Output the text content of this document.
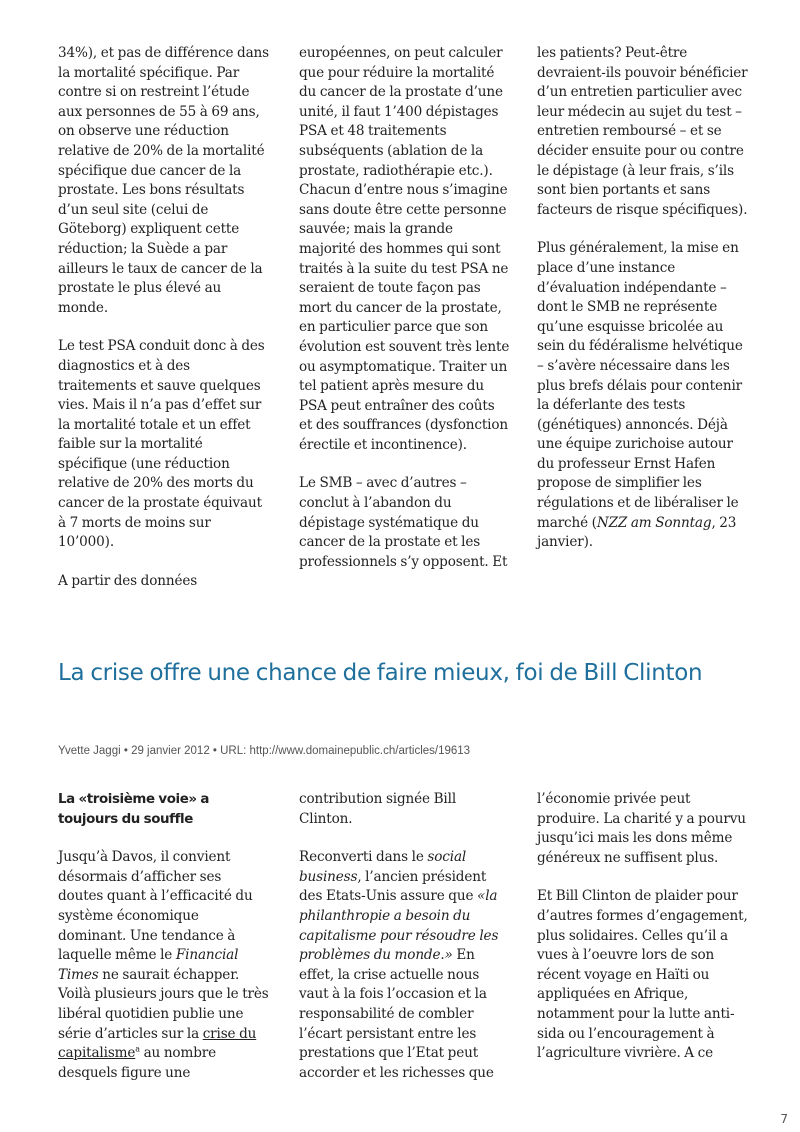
34%), et pas de différence dans la mortalité spécifique. Par contre si on restreint l’étude aux personnes de 55 à 69 ans, on observe une réduction relative de 20% de la mortalité spécifique due cancer de la prostate. Les bons résultats d’un seul site (celui de Göteborg) expliquent cette réduction; la Suède a par ailleurs le taux de cancer de la prostate le plus élevé au monde.

Le test PSA conduit donc à des diagnostics et à des traitements et sauve quelques vies. Mais il n’a pas d’effet sur la mortalité totale et un effet faible sur la mortalité spécifique (une réduction relative de 20% des morts du cancer de la prostate équivaut à 7 morts de moins sur 10’000).

A partir des données

européennes, on peut calculer que pour réduire la mortalité du cancer de la prostate d’une unité, il faut 1’400 dépistages PSA et 48 traitements subséquents (ablation de la prostate, radiothérapie etc.). Chacun d’entre nous s’imagine sans doute être cette personne sauvée; mais la grande majorité des hommes qui sont traités à la suite du test PSA ne seraient de toute façon pas mort du cancer de la prostate, en particulier parce que son évolution est souvent très lente ou asymptomatique. Traiter un tel patient après mesure du PSA peut entraîner des coûts et des souffrances (dysfonction érectile et incontinence).

Le SMB – avec d’autres – conclut à l’abandon du dépistage systématique du cancer de la prostate et les professionnels s’y opposent. Et

les patients? Peut-être devraient-ils pouvoir bénéficier d’un entretien particulier avec leur médecin au sujet du test – entretien remboursé – et se décider ensuite pour ou contre le dépistage (à leur frais, s’ils sont bien portants et sans facteurs de risque spécifiques).

Plus généralement, la mise en place d’une instance d’évaluation indépendante – dont le SMB ne représente qu’une esquisse bricolée au sein du fédéralisme helvétique – s’avère nécessaire dans les plus brefs délais pour contenir la déferlante des tests (génétiques) annoncés. Déjà une équipe zurichoise autour du professeur Ernst Hafen propose de simplifier les régulations et de libéraliser le marché (NZZ am Sonntag, 23 janvier).

La crise offre une chance de faire mieux, foi de Bill Clinton
Yvette Jaggi • 29 janvier 2012 • URL: http://www.domainepublic.ch/articles/19613

La «troisième voie» a toujours du souffle

Jusqu’à Davos, il convient désormais d’afficher ses doutes quant à l’efficacité du système économique dominant. Une tendance à laquelle même le Financial Times ne saurait échapper. Voilà plusieurs jours que le très libéral quotidien publie une série d’articles sur la crise du capitalisme$^a$ au nombre desquels figure une

contribution signée Bill Clinton.

Reconverti dans le social business, l’ancien président des Etats-Unis assure que «la philanthropie a besoin du capitalisme pour résoudre les problèmes du monde.» En effet, la crise actuelle nous vaut à la fois l’occasion et la responsabilité de combler l’écart persistant entre les prestations que l’Etat peut accorder et les richesses que

l’économie privée peut produire. La charité y a pourvu jusqu’ici mais les dons même généreux ne suffisent plus.

Et Bill Clinton de plaider pour d’autres formes d’engagement, plus solidaires. Celles qu’il a vues à l’oeuvre lors de son récent voyage en Haïti ou appliquées en Afrique, notamment pour la lutte anti-sida ou l’encouragement à l’agriculture vivrière. A ce

7
